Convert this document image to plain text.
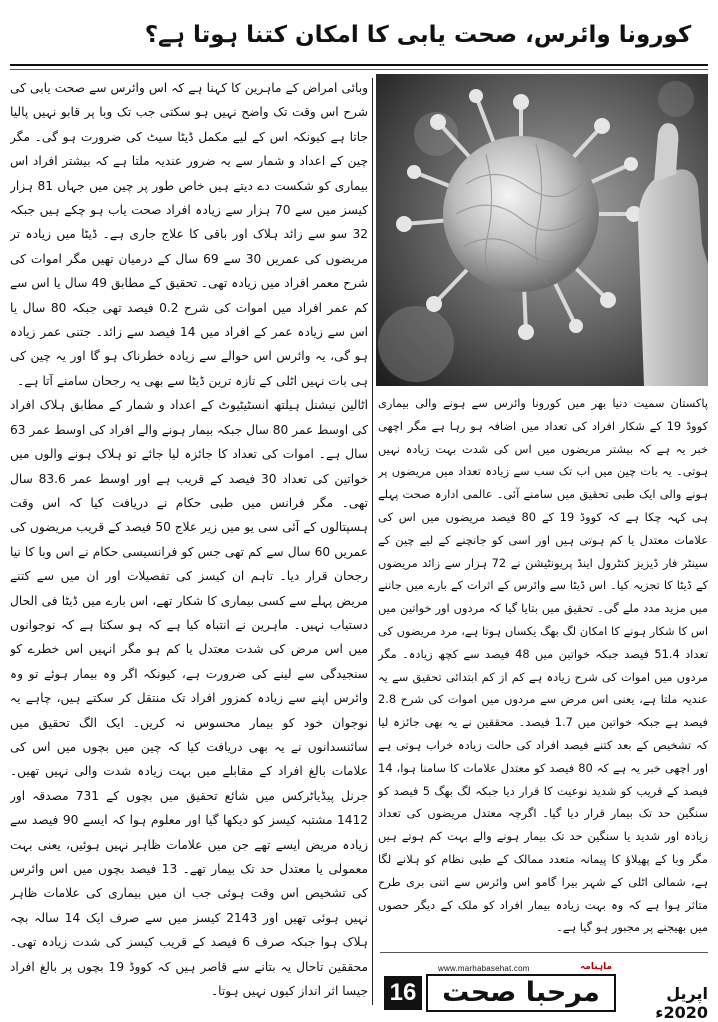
کورونا وائرس، صحت یابی کا امکان کتنا ہوتا ہے؟

وبائی امراض کے ماہرین کا کہنا ہے کہ اس وائرس سے صحت یابی کی شرح اس وقت تک واضح نہیں ہو سکتی جب تک وبا پر قابو نہیں پالیا جاتا ہے کیونکہ اس کے لیے مکمل ڈیٹا سیٹ کی ضرورت ہو گی۔ مگر چین کے اعداد و شمار سے یہ ضرور عندیہ ملتا ہے کہ بیشتر افراد اس بیماری کو شکست دے دیتے ہیں خاص طور پر چین میں جہاں 81 ہزار کیسز میں سے 70 ہزار سے زیادہ افراد صحت یاب ہو چکے ہیں جبکہ 32 سو سے زائد ہلاک اور باقی کا علاج جاری ہے۔ ڈیٹا میں زیادہ تر مریضوں کی عمریں 30 سے 69 سال کے درمیان تھیں مگر اموات کی شرح معمر افراد میں زیادہ تھی۔ تحقیق کے مطابق 49 سال یا اس سے کم عمر افراد میں اموات کی شرح 0.2 فیصد تھی جبکہ 80 سال یا اس سے زیادہ عمر کے افراد میں 14 فیصد سے زائد۔ جتنی عمر زیادہ ہو گی، یہ وائرس اس حوالے سے زیادہ خطرناک ہو گا اور یہ چین کی ہی بات نہیں اٹلی کے تازہ ترین ڈیٹا سے بھی یہ رجحان سامنے آتا ہے۔

اٹالین نیشنل ہیلتھ انسٹیٹیوٹ کے اعداد و شمار کے مطابق ہلاک افراد کی اوسط عمر 80 سال جبکہ بیمار ہونے والے افراد کی اوسط عمر 63 سال ہے۔ اموات کی تعداد کا جائزہ لیا جائے تو ہلاک ہونے والوں میں خواتین کی تعداد 30 فیصد کے قریب ہے اور اوسط عمر 83.6 سال تھی۔ مگر فرانس میں طبی حکام نے دریافت کیا کہ اس وقت ہسپتالوں کے آئی سی یو میں زیر علاج 50 فیصد کے قریب مریضوں کی عمریں 60 سال سے کم تھی جس کو فرانسیسی حکام نے اس وبا کا نیا رجحان قرار دیا۔ تاہم ان کیسز کی تفصیلات اور ان میں سے کتنے مریض پہلے سے کسی بیماری کا شکار تھے، اس بارے میں ڈیٹا فی الحال دستیاب نہیں۔ ماہرین نے انتباہ کیا ہے کہ ہو سکتا ہے کہ نوجوانوں میں اس مرض کی شدت معتدل یا کم ہو مگر انہیں اس خطرے کو سنجیدگی سے لینے کی ضرورت ہے، کیونکہ اگر وہ بیمار ہوئے تو وہ وائرس اپنے سے زیادہ کمزور افراد تک منتقل کر سکتے ہیں، چاہے یہ نوجوان خود کو بیمار محسوس نہ کریں۔ ایک الگ تحقیق میں سائنسدانوں نے یہ بھی دریافت کیا کہ چین میں بچوں میں اس کی علامات بالغ افراد کے مقابلے میں بہت زیادہ شدت والی نہیں تھیں۔ جرنل پیڈیاٹرکس میں شائع تحقیق میں بچوں کے 731 مصدقہ اور 1412 مشتبہ کیسز کو دیکھا گیا اور معلوم ہوا کہ ایسے 90 فیصد سے زیادہ مریض ایسے تھے جن میں علامات ظاہر نہیں ہوئیں، یعنی بہت معمولی یا معتدل حد تک بیمار تھے۔ 13 فیصد بچوں میں اس وائرس کی تشخیص اس وقت ہوئی جب ان میں بیماری کی علامات ظاہر نہیں ہوئی تھیں اور 2143 کیسز میں سے صرف ایک 14 سالہ بچہ ہلاک ہوا جبکہ صرف 6 فیصد کے قریب کیسز کی شدت زیادہ تھی۔ محققین تاحال یہ بتانے سے قاصر ہیں کہ کووڈ 19 بچوں پر بالغ افراد جیسا اثر انداز کیوں نہیں ہوتا۔

پاکستان سمیت دنیا بھر میں کورونا وائرس سے ہونے والی بیماری کووڈ 19 کے شکار افراد کی تعداد میں اضافہ ہو رہا ہے مگر اچھی خبر یہ ہے کہ بیشتر مریضوں میں اس کی شدت بہت زیادہ نہیں ہوتی۔ یہ بات چین میں اب تک سب سے زیادہ تعداد میں مریضوں پر ہونے والی ایک طبی تحقیق میں سامنے آئی۔ عالمی ادارہ صحت پہلے ہی کہہ چکا ہے کہ کووڈ 19 کے 80 فیصد مریضوں میں اس کی علامات معتدل یا کم ہوتی ہیں اور اسی کو جانچنے کے لیے چین کے سینٹر فار ڈیزیز کنٹرول اینڈ پریونٹیشن نے 72 ہزار سے زائد مریضوں کے ڈیٹا کا تجزیہ کیا۔ اس ڈیٹا سے وائرس کے اثرات کے بارے میں جاننے میں مزید مدد ملے گی۔ تحقیق میں بتایا گیا کہ مردوں اور خواتین میں اس کا شکار ہونے کا امکان لگ بھگ یکساں ہوتا ہے، مرد مریضوں کی تعداد 51.4 فیصد جبکہ خواتین میں 48 فیصد سے کچھ زیادہ۔ مگر مردوں میں اموات کی شرح زیادہ ہے کم از کم ابتدائی تحقیق سے یہ عندیہ ملتا ہے، یعنی اس مرض سے مردوں میں اموات کی شرح 2.8 فیصد ہے جبکہ خواتین میں 1.7 فیصد۔ محققین نے یہ بھی جائزہ لیا کہ تشخیص کے بعد کتنے فیصد افراد کی حالت زیادہ خراب ہوتی ہے اور اچھی خبر یہ ہے کہ 80 فیصد کو معتدل علامات کا سامنا ہوا، 14 فیصد کے قریب کو شدید نوعیت کا قرار دیا جبکہ لگ بھگ 5 فیصد کو سنگین حد تک بیمار قرار دیا گیا۔ اگرچہ معتدل مریضوں کی تعداد زیادہ اور شدید یا سنگین حد تک بیمار ہونے والے بہت کم ہوتے ہیں مگر وبا کے پھیلاؤ کا پیمانہ متعدد ممالک کے طبی نظام کو ہلانے لگا ہے، شمالی اٹلی کے شہر بیرا گامو اس وائرس سے اتنی بری طرح متاثر ہوا ہے کہ وہ بہت زیادہ بیمار افراد کو ملک کے دیگر حصوں میں بھیجنے پر مجبور ہو گیا ہے۔

www.marhabasehat.com
16 مرحبا صحت
ماہنامہ
اپریل 2020ء
